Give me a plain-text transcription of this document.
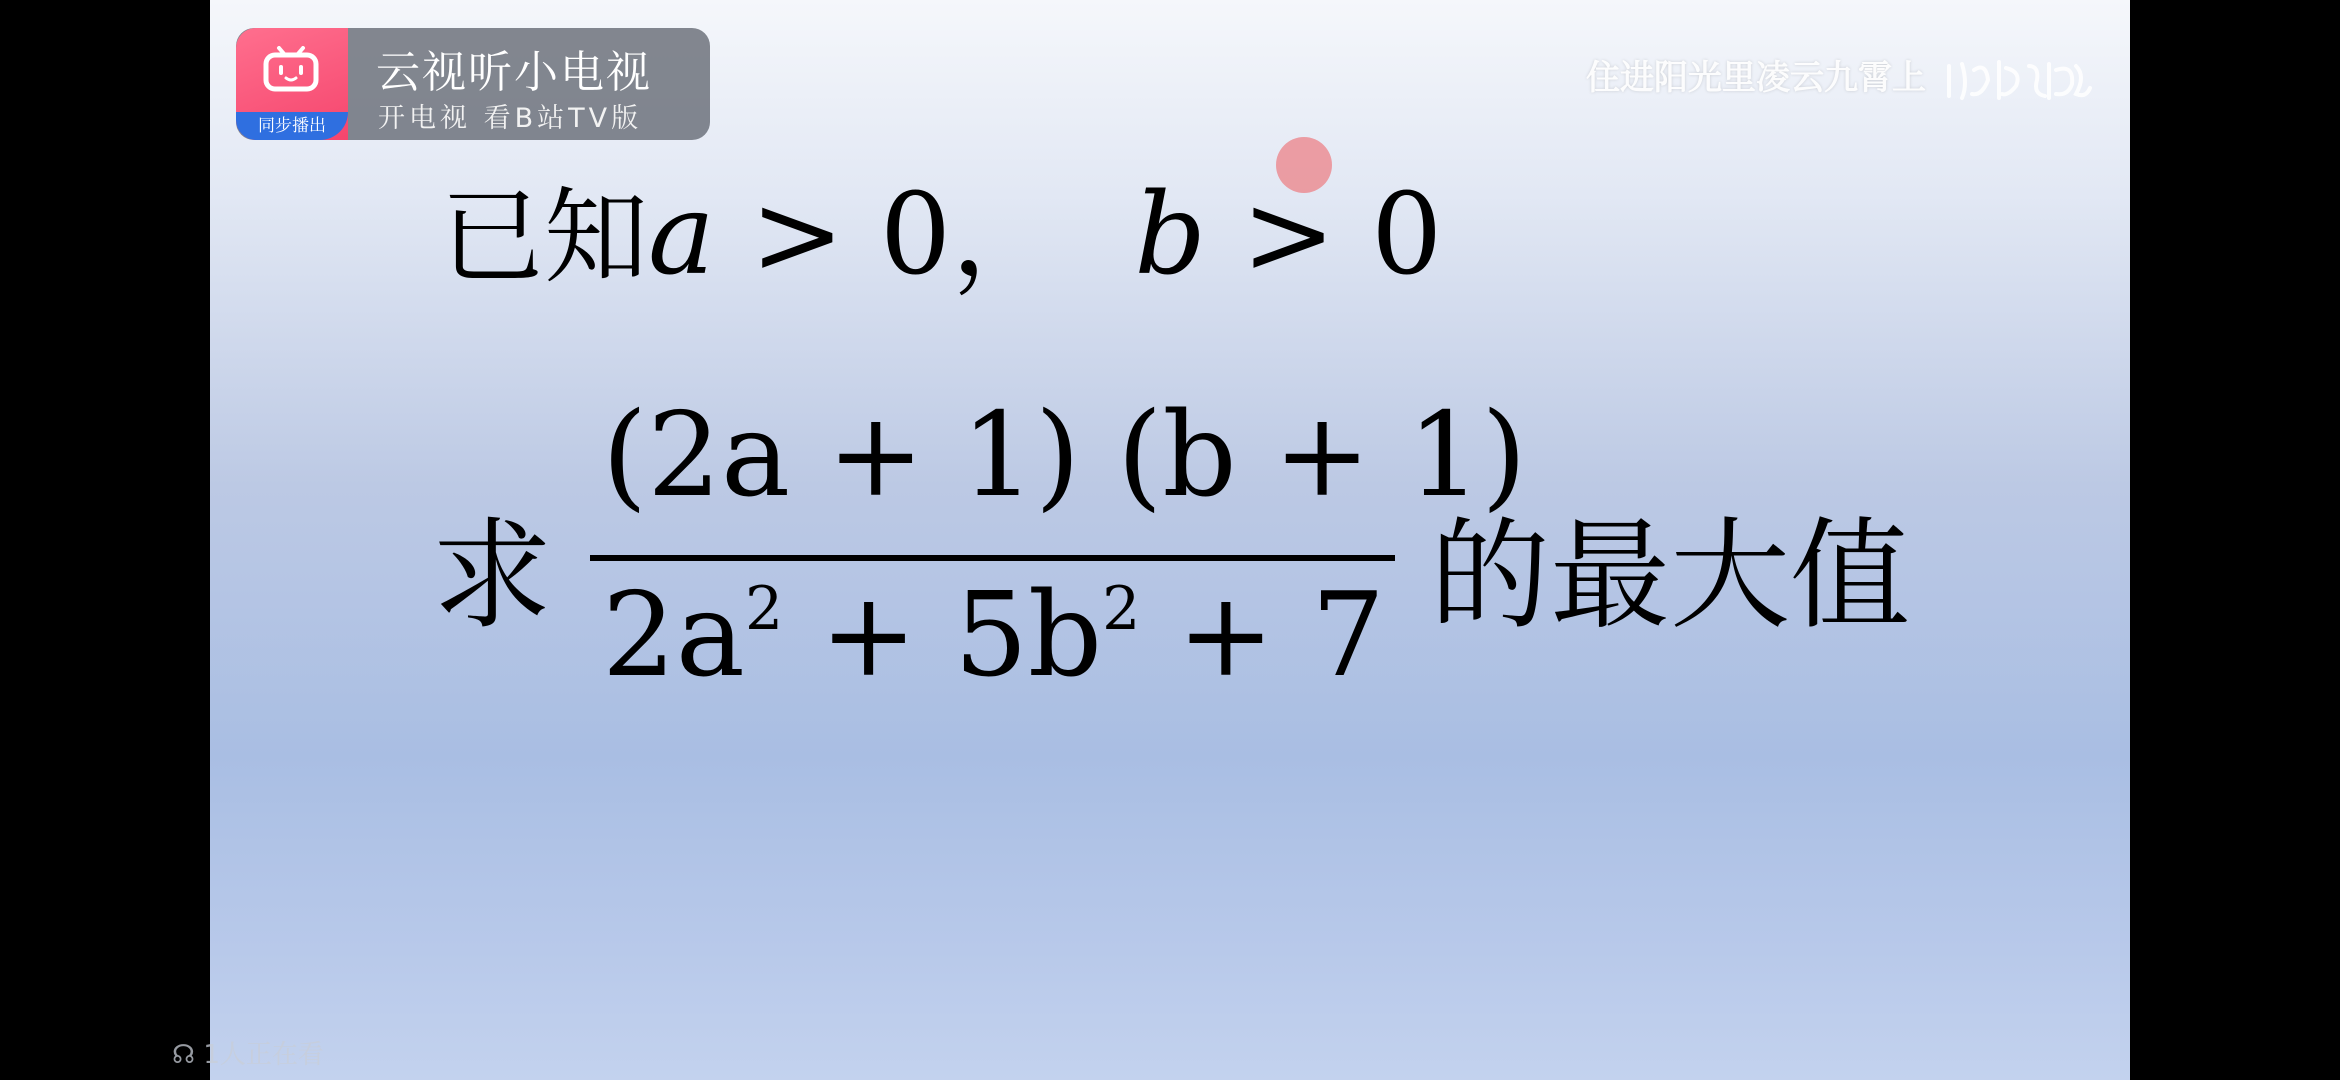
同步播出
云视听小电视
开电视 看B站TV版
住进阳光里凌云九霄上
已知a > 0， b > 0
求
(2a + 1) (b + 1)
$2a^2 + 5b^2 + 7$ 的最大值
☊ 1人正在看
